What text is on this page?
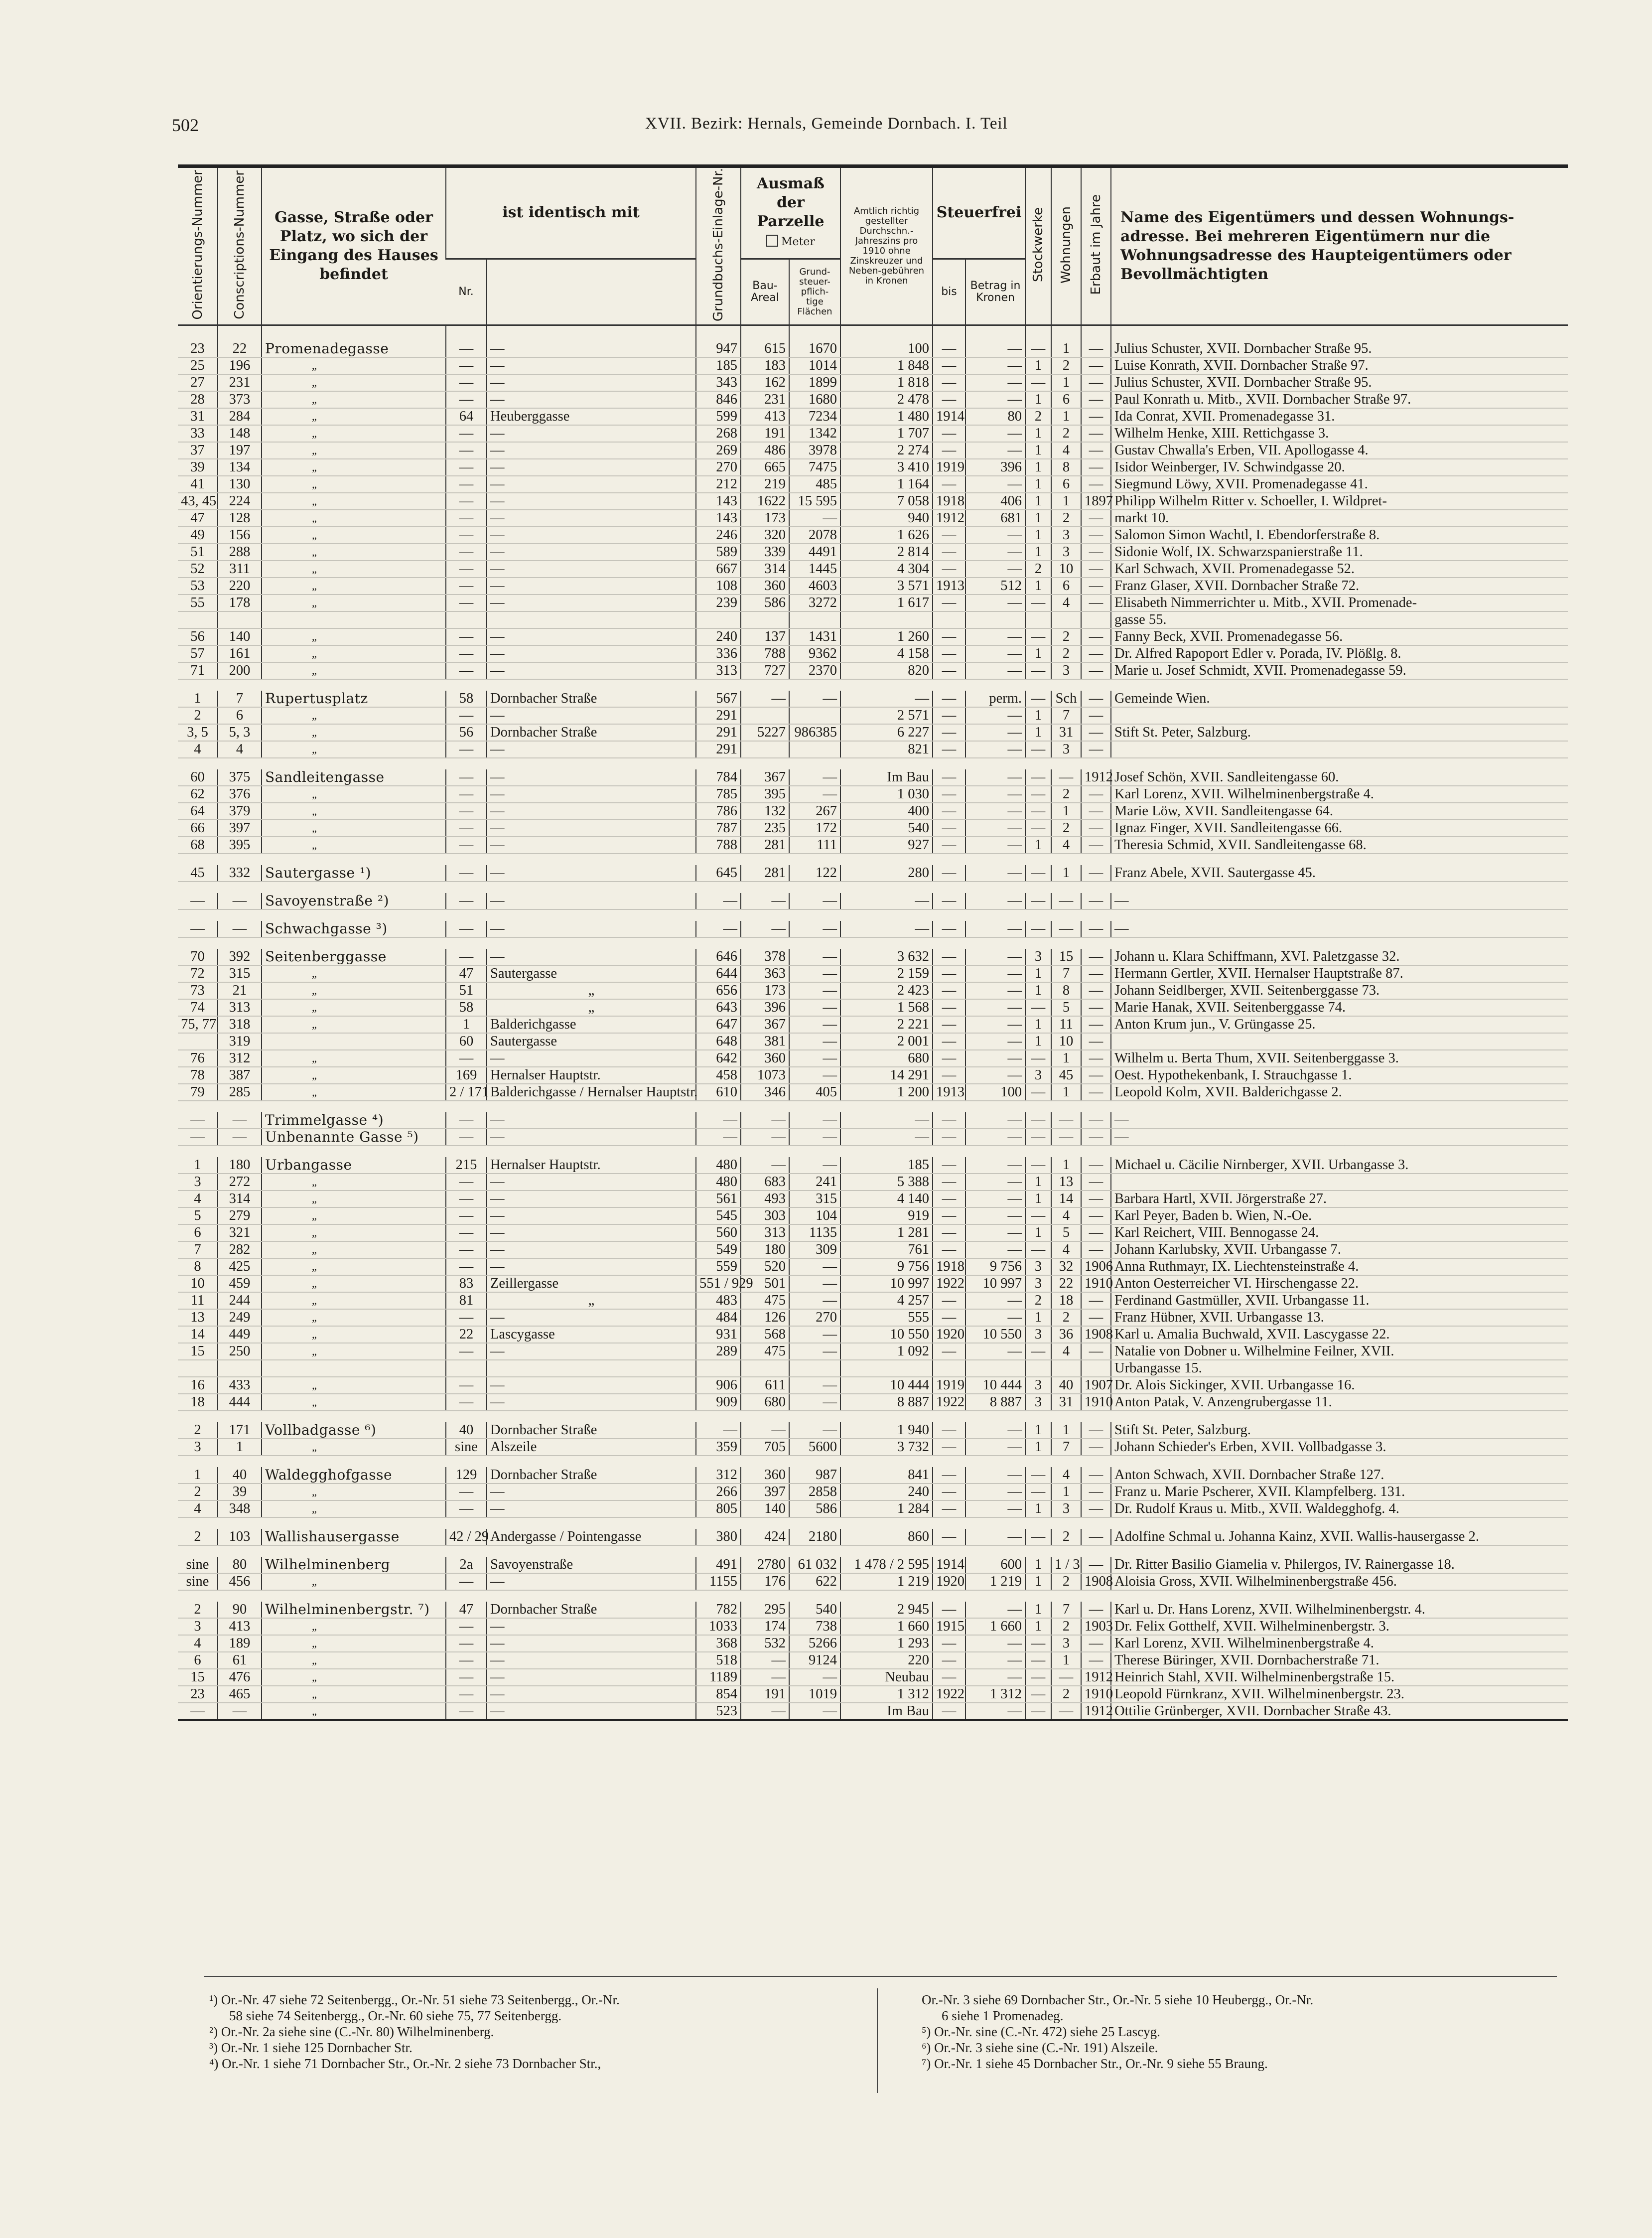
502	XVII. Bezirk: Hernals, Gemeinde Dornbach. I. Teil
Orientierungs-Nummer	Conscriptions-Nummer	Gasse, Straße oder Platz, wo sich der Eingang des Hauses befindet	ist identisch mit		Grundbuchs-Einlage-Nr.	Ausmaß der Parzelle
Meter		Amtlich richtig gestellter Durchschn.-Jahreszins pro 1910 ohne Zinskreuzer und Neben-gebühren in Kronen	Steuerfrei		Stockwerke	Wohnungen	Erbaut im Jahre	Name des Eigentümers und dessen Wohnungs-adresse. Bei mehreren Eigentümern nur die Wohnungsadresse des Haupteigentümers oder Bevollmächtigten
			Nr.			Bau-Areal	Grund-steuer-pflich-tige Flächen		bis	Betrag in Kronen				
23	22	Promenadegasse	—	—	947	615	1670	100	—	—	—	1	—	Julius Schuster, XVII. Dornbacher Straße 95.
25	196	„	—	—	185	183	1014	1 848	—	—	1	2	—	Luise Konrath, XVII. Dornbacher Straße 97.
27	231	„	—	—	343	162	1899	1 818	—	—	—	1	—	Julius Schuster, XVII. Dornbacher Straße 95.
28	373	„	—	—	846	231	1680	2 478	—	—	1	6	—	Paul Konrath u. Mitb., XVII. Dornbacher Straße 97.
31	284	„	64	Heuberggasse	599	413	7234	1 480	1914	80	2	1	—	Ida Conrat, XVII. Promenadegasse 31.
33	148	„	—	—	268	191	1342	1 707	—	—	1	2	—	Wilhelm Henke, XIII. Rettichgasse 3.
37	197	„	—	—	269	486	3978	2 274	—	—	1	4	—	Gustav Chwalla's Erben, VII. Apollogasse 4.
39	134	„	—	—	270	665	7475	3 410	1919	396	1	8	—	Isidor Weinberger, IV. Schwindgasse 20.
41	130	„	—	—	212	219	485	1 164	—	—	1	6	—	Siegmund Löwy, XVII. Promenadegasse 41.
43, 45	224	„	—	—	143	1622	15 595	7 058	1918	406	1	1	1897	Philipp Wilhelm Ritter v. Schoeller, I. Wildpret-
47	128	„	—	—	143	173	—	940	1912	681	1	2	—	markt 10.
49	156	„	—	—	246	320	2078	1 626	—	—	1	3	—	Salomon Simon Wachtl, I. Ebendorferstraße 8.
51	288	„	—	—	589	339	4491	2 814	—	—	1	3	—	Sidonie Wolf, IX. Schwarzspanierstraße 11.
52	311	„	—	—	667	314	1445	4 304	—	—	2	10	—	Karl Schwach, XVII. Promenadegasse 52.
53	220	„	—	—	108	360	4603	3 571	1913	512	1	6	—	Franz Glaser, XVII. Dornbacher Straße 72.
55	178	„	—	—	239	586	3272	1 617	—	—	—	4	—	Elisabeth Nimmerrichter u. Mitb., XVII. Promenade-
														gasse 55.
56	140	„	—	—	240	137	1431	1 260	—	—	—	2	—	Fanny Beck, XVII. Promenadegasse 56.
57	161	„	—	—	336	788	9362	4 158	—	—	1	2	—	Dr. Alfred Rapoport Edler v. Porada, IV. Plößlg. 8.
71	200	„	—	—	313	727	2370	820	—	—	—	3	—	Marie u. Josef Schmidt, XVII. Promenadegasse 59.

1	7	Rupertusplatz	58	Dornbacher Straße	567	—	—	—	—	perm.	—	Sch	—	Gemeinde Wien.
2	6	„	—	—	291			2 571	—	—	1	7	—	
3, 5	5, 3	„	56	Dornbacher Straße	291	5227	986385	6 227	—	—	1	31	—	Stift St. Peter, Salzburg.
4	4	„	—	—	291			821	—	—	—	3	—	

60	375	Sandleitengasse	—	—	784	367	—	Im Bau	—	—	—	—	1912	Josef Schön, XVII. Sandleitengasse 60.
62	376	„	—	—	785	395	—	1 030	—	—	—	2	—	Karl Lorenz, XVII. Wilhelminenbergstraße 4.
64	379	„	—	—	786	132	267	400	—	—	—	1	—	Marie Löw, XVII. Sandleitengasse 64.
66	397	„	—	—	787	235	172	540	—	—	—	2	—	Ignaz Finger, XVII. Sandleitengasse 66.
68	395	„	—	—	788	281	111	927	—	—	1	4	—	Theresia Schmid, XVII. Sandleitengasse 68.

45	332	Sautergasse ¹)	—	—	645	281	122	280	—	—	—	1	—	Franz Abele, XVII. Sautergasse 45.

—	—	Savoyenstraße ²)	—	—	—	—	—	—	—	—	—	—	—	—

—	—	Schwachgasse ³)	—	—	—	—	—	—	—	—	—	—	—	—

70	392	Seitenberggasse	—	—	646	378	—	3 632	—	—	3	15	—	Johann u. Klara Schiffmann, XVI. Paletzgasse 32.
72	315	„	47	Sautergasse	644	363	—	2 159	—	—	1	7	—	Hermann Gertler, XVII. Hernalser Hauptstraße 87.
73	21	„	51	„	656	173	—	2 423	—	—	1	8	—	Johann Seidlberger, XVII. Seitenberggasse 73.
74	313	„	58	„	643	396	—	1 568	—	—	—	5	—	Marie Hanak, XVII. Seitenberggasse 74.
75, 77	318	„	1	Balderichgasse	647	367	—	2 221	—	—	1	11	—	Anton Krum jun., V. Grüngasse 25.
	319		60	Sautergasse	648	381	—	2 001	—	—	1	10	—	
76	312	„	—	—	642	360	—	680	—	—	—	1	—	Wilhelm u. Berta Thum, XVII. Seitenberggasse 3.
78	387	„	169	Hernalser Hauptstr.	458	1073	—	14 291	—	—	3	45	—	Oest. Hypothekenbank, I. Strauchgasse 1.
79	285	„	2 / 171	Balderichgasse / Hernalser Hauptstr.	610	346	405	1 200	1913	100	—	1	—	Leopold Kolm, XVII. Balderichgasse 2.

—	—	Trimmelgasse ⁴)	—	—	—	—	—	—	—	—	—	—	—	—
—	—	Unbenannte Gasse ⁵)	—	—	—	—	—	—	—	—	—	—	—	—

1	180	Urbangasse	215	Hernalser Hauptstr.	480	—	—	185	—	—	—	1	—	Michael u. Cäcilie Nirnberger, XVII. Urbangasse 3.
3	272	„	—	—	480	683	241	5 388	—	—	1	13	—	
4	314	„	—	—	561	493	315	4 140	—	—	1	14	—	Barbara Hartl, XVII. Jörgerstraße 27.
5	279	„	—	—	545	303	104	919	—	—	—	4	—	Karl Peyer, Baden b. Wien, N.-Oe.
6	321	„	—	—	560	313	1135	1 281	—	—	1	5	—	Karl Reichert, VIII. Bennogasse 24.
7	282	„	—	—	549	180	309	761	—	—	—	4	—	Johann Karlubsky, XVII. Urbangasse 7.
8	425	„	—	—	559	520	—	9 756	1918	9 756	3	32	1906	Anna Ruthmayr, IX. Liechtensteinstraße 4.
10	459	„	83	Zeillergasse	551 / 929	501	—	10 997	1922	10 997	3	22	1910	Anton Oesterreicher VI. Hirschengasse 22.
11	244	„	81	„	483	475	—	4 257	—	—	2	18	—	Ferdinand Gastmüller, XVII. Urbangasse 11.
13	249	„	—	—	484	126	270	555	—	—	1	2	—	Franz Hübner, XVII. Urbangasse 13.
14	449	„	22	Lascygasse	931	568	—	10 550	1920	10 550	3	36	1908	Karl u. Amalia Buchwald, XVII. Lascygasse 22.
15	250	„	—	—	289	475	—	1 092	—	—	—	4	—	Natalie von Dobner u. Wilhelmine Feilner, XVII.
														Urbangasse 15.
16	433	„	—	—	906	611	—	10 444	1919	10 444	3	40	1907	Dr. Alois Sickinger, XVII. Urbangasse 16.
18	444	„	—	—	909	680	—	8 887	1922	8 887	3	31	1910	Anton Patak, V. Anzengrubergasse 11.

2	171	Vollbadgasse ⁶)	40	Dornbacher Straße	—	—	—	1 940	—	—	1	1	—	Stift St. Peter, Salzburg.
3	1	„	sine	Alszeile	359	705	5600	3 732	—	—	1	7	—	Johann Schieder's Erben, XVII. Vollbadgasse 3.

1	40	Waldegghofgasse	129	Dornbacher Straße	312	360	987	841	—	—	—	4	—	Anton Schwach, XVII. Dornbacher Straße 127.
2	39	„	—	—	266	397	2858	240	—	—	—	1	—	Franz u. Marie Pscherer, XVII. Klampfelberg. 131.
4	348	„	—	—	805	140	586	1 284	—	—	1	3	—	Dr. Rudolf Kraus u. Mitb., XVII. Waldegghofg. 4.

2	103	Wallishausergasse	42 / 29	Andergasse / Pointengasse	380	424	2180	860	—	—	—	2	—	Adolfine Schmal u. Johanna Kainz, XVII. Wallis-hausergasse 2.

sine	80	Wilhelminenberg	2a	Savoyenstraße	491	2780	61 032	1 478 / 2 595	1914	600	1	1 / 3	—	Dr. Ritter Basilio Giamelia v. Philergos, IV. Rainergasse 18.
sine	456	„	—	—	1155	176	622	1 219	1920	1 219	1	2	1908	Aloisia Gross, XVII. Wilhelminenbergstraße 456.

2	90	Wilhelminenbergstr. ⁷)	47	Dornbacher Straße	782	295	540	2 945	—	—	1	7	—	Karl u. Dr. Hans Lorenz, XVII. Wilhelminenbergstr. 4.
3	413	„	—	—	1033	174	738	1 660	1915	1 660	1	2	1903	Dr. Felix Gotthelf, XVII. Wilhelminenbergstr. 3.
4	189	„	—	—	368	532	5266	1 293	—	—	—	3	—	Karl Lorenz, XVII. Wilhelminenbergstraße 4.
6	61	„	—	—	518	—	9124	220	—	—	—	1	—	Therese Büringer, XVII. Dornbacherstraße 71.
15	476	„	—	—	1189	—	—	Neubau	—	—	—	—	1912	Heinrich Stahl, XVII. Wilhelminenbergstraße 15.
23	465	„	—	—	854	191	1019	1 312	1922	1 312	—	2	1910	Leopold Fürnkranz, XVII. Wilhelminenbergstr. 23.
—	—	„	—	—	523	—	—	Im Bau	—	—	—	—	1912	Ottilie Grünberger, XVII. Dornbacher Straße 43.

¹) Or.-Nr. 47 siehe 72 Seitenbergg., Or.-Nr. 51 siehe 73 Seitenbergg., Or.-Nr.

58 siehe 74 Seitenbergg., Or.-Nr. 60 siehe 75, 77 Seitenbergg.

²) Or.-Nr. 2a siehe sine (C.-Nr. 80) Wilhelminenberg.

³) Or.-Nr. 1 siehe 125 Dornbacher Str.

⁴) Or.-Nr. 1 siehe 71 Dornbacher Str., Or.-Nr. 2 siehe 73 Dornbacher Str.,

Or.-Nr. 3 siehe 69 Dornbacher Str., Or.-Nr. 5 siehe 10 Heubergg., Or.-Nr.

6 siehe 1 Promenadeg.

⁵) Or.-Nr. sine (C.-Nr. 472) siehe 25 Lascyg.

⁶) Or.-Nr. 3 siehe sine (C.-Nr. 191) Alszeile.

⁷) Or.-Nr. 1 siehe 45 Dornbacher Str., Or.-Nr. 9 siehe 55 Braung.
